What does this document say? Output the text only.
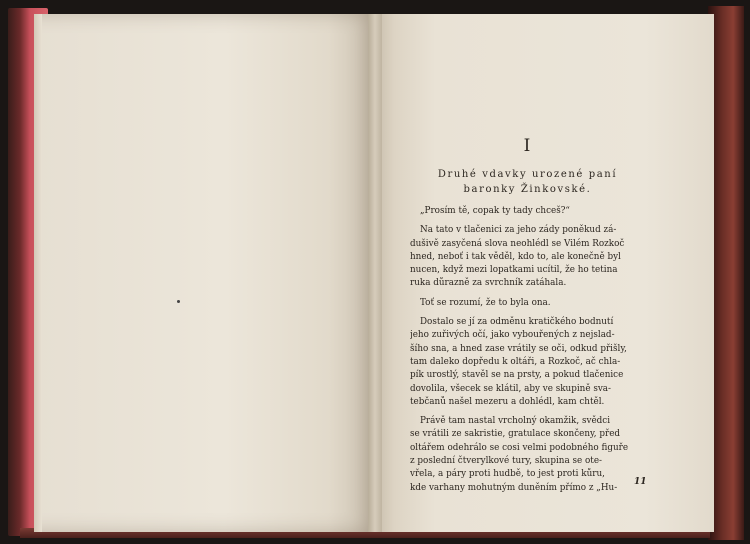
I
Druhé vdavky urozené paní
baronky Žinkovské.
„Prosím tě, copak ty tady chceš?“
Na tato v tlačenici za jeho zády poněkud zá-
dušivě zasyčená slova neohlédl se Vilém Rozkoč
hned, neboť i tak věděl, kdo to, ale konečně byl
nucen, když mezi lopatkami ucítil, že ho tetina
ruka důrazně za svrchník zatáhala.
Toť se rozumí, že to byla ona.
Dostalo se jí za odměnu kratičkého bodnutí
jeho zuřivých očí, jako vybouřených z nejslad-
šího sna, a hned zase vrátily se oči, odkud přišly,
tam daleko dopředu k oltáři, a Rozkoč, ač chla-
pík urostlý, stavěl se na prsty, a pokud tlačenice
dovolila, všecek se klátil, aby ve skupině sva-
tebčanů našel mezeru a dohlédl, kam chtěl.
Právě tam nastal vrcholný okamžik, svědci
se vrátili ze sakristie, gratulace skončeny, před
oltářem odehrálo se cosi velmi podobného figuře
z poslední čtverylkové tury, skupina se ote-
vřela, a páry proti hudbě, to jest proti kůru,
kde varhany mohutným duněním přímo z „Hu-
11
